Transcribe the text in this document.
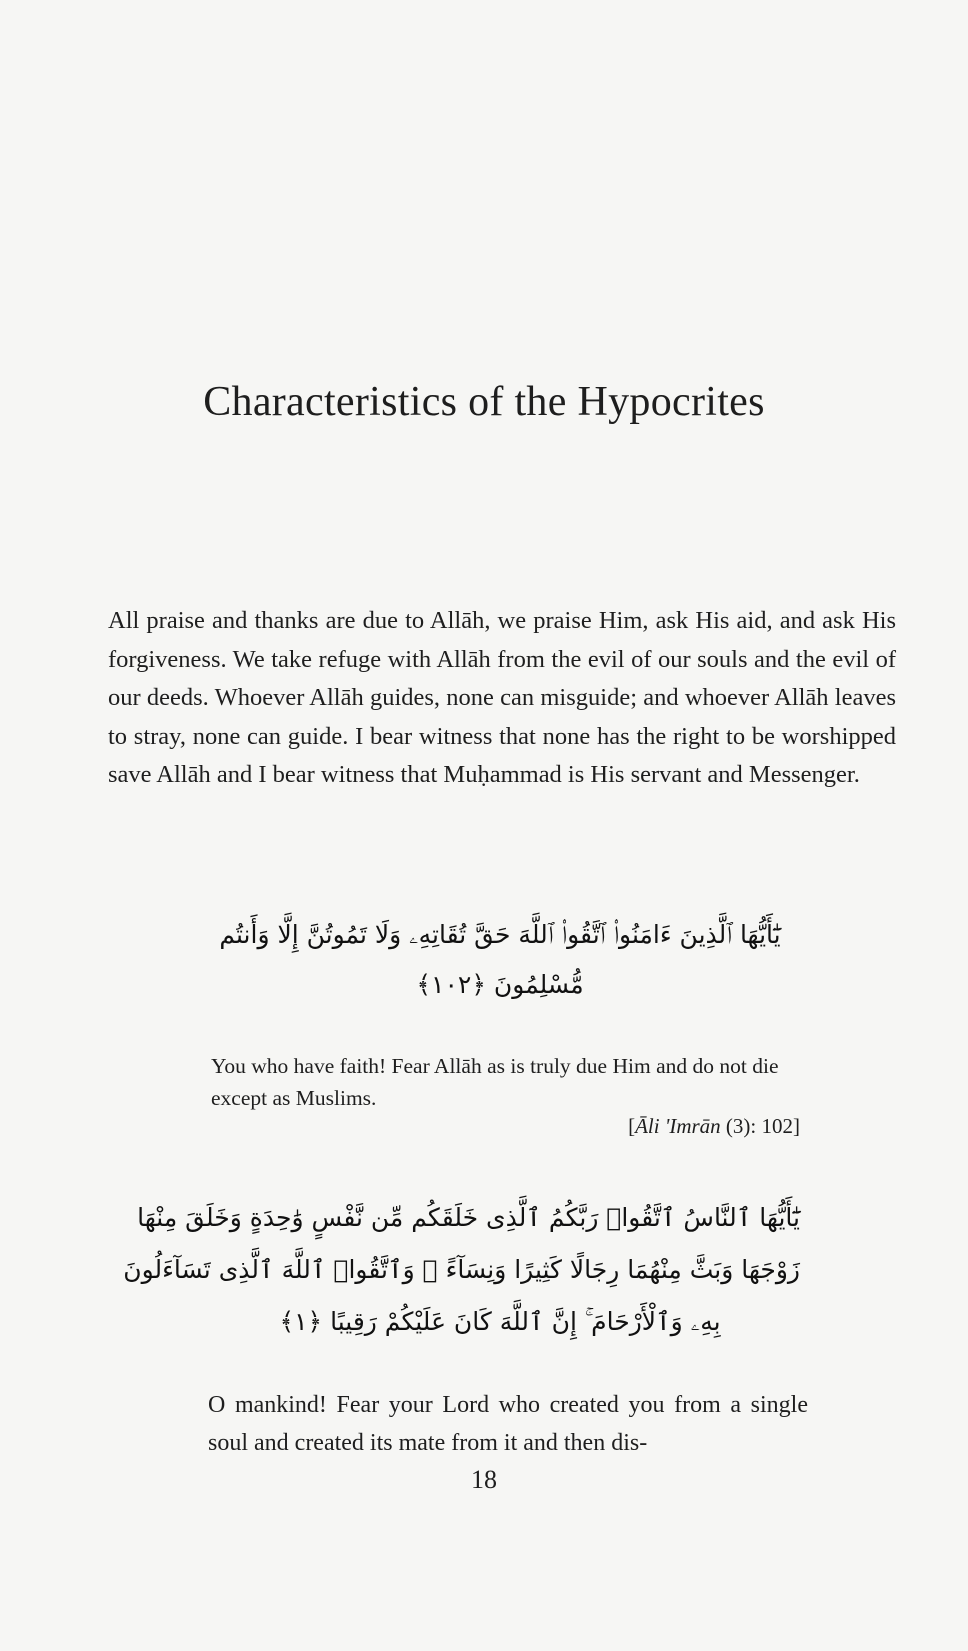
Characteristics of the Hypocrites
All praise and thanks are due to Allāh, we praise Him, ask His aid, and ask His forgiveness. We take refuge with Allāh from the evil of our souls and the evil of our deeds. Whoever Allāh guides, none can misguide; and whoever Allāh leaves to stray, none can guide. I bear witness that none has the right to be worshipped save Allāh and I bear witness that Muḥammad is His servant and Messenger.
يَٰٓأَيُّهَا ٱلَّذِينَ ءَامَنُوا۟ ٱتَّقُوا۟ ٱللَّهَ حَقَّ تُقَاتِهِۦ وَلَا تَمُوتُنَّ إِلَّا وَأَنتُم
مُّسْلِمُونَ ﴿١٠٢﴾
You who have faith! Fear Allāh as is truly due Him and do not die except as Muslims.
[Āli 'Imrān (3): 102]
يَٰٓأَيُّهَا ٱلنَّاسُ ٱتَّقُوا۟ رَبَّكُمُ ٱلَّذِى خَلَقَكُم مِّن نَّفْسٍ وَٰحِدَةٍ وَخَلَقَ مِنْهَا
زَوْجَهَا وَبَثَّ مِنْهُمَا رِجَالًا كَثِيرًا وَنِسَآءً ۚ وَٱتَّقُوا۟ ٱللَّهَ ٱلَّذِى تَسَآءَلُونَ
بِهِۦ وَٱلْأَرْحَامَ ۚ إِنَّ ٱللَّهَ كَانَ عَلَيْكُمْ رَقِيبًا ﴿١﴾
O mankind! Fear your Lord who created you from a single soul and created its mate from it and then dis-
18
